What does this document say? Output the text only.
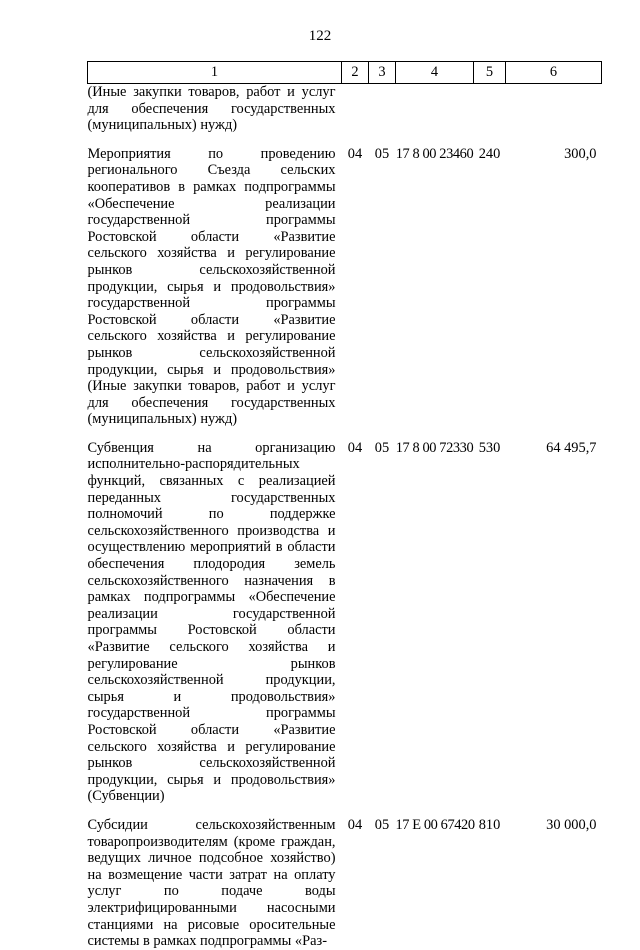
122
1	2	3	4	5	6
(Иные закупки товаров, работ и услуг для обеспечения государственных (муниципальных) нужд)					

Мероприятия по проведению регионального Съезда сельских кооперативов в рамках подпрограммы «Обеспечение реализации государственной программы Ростовской области «Развитие сельского хозяйства и регулирование рынков сельскохозяйственной продукции, сырья и продовольствия» государственной программы Ростовской области «Развитие сельского хозяйства и регулирование рынков сельскохозяйственной продукции, сырья и продовольствия» (Иные закупки товаров, работ и услуг для обеспечения государственных (муниципальных) нужд)	04	05	17 8 00 23460	240	300,0

Субвенция на организацию исполнительно-распорядительных функций, связанных с реализацией переданных государственных полномочий по поддержке сельскохозяйственного производства и осуществлению мероприятий в области обеспечения плодородия земель сельскохозяйственного назначения в рамках подпрограммы «Обеспечение реализации государственной программы Ростовской области «Развитие сельского хозяйства и регулирование рынков сельскохозяйственной продукции, сырья и продовольствия» государственной программы Ростовской области «Развитие сельского хозяйства и регулирование рынков сельскохозяйственной продукции, сырья и продовольствия» (Субвенции)	04	05	17 8 00 72330	530	64 495,7

Субсидии сельскохозяйственным товаропроизводителям (кроме граждан, ведущих личное подсобное хозяйство) на возмещение части затрат на оплату услуг по подаче воды электрифицированными насосными станциями на рисовые оросительные системы в рамках подпрограммы «Раз-	04	05	17 Е 00 67420	810	30 000,0
